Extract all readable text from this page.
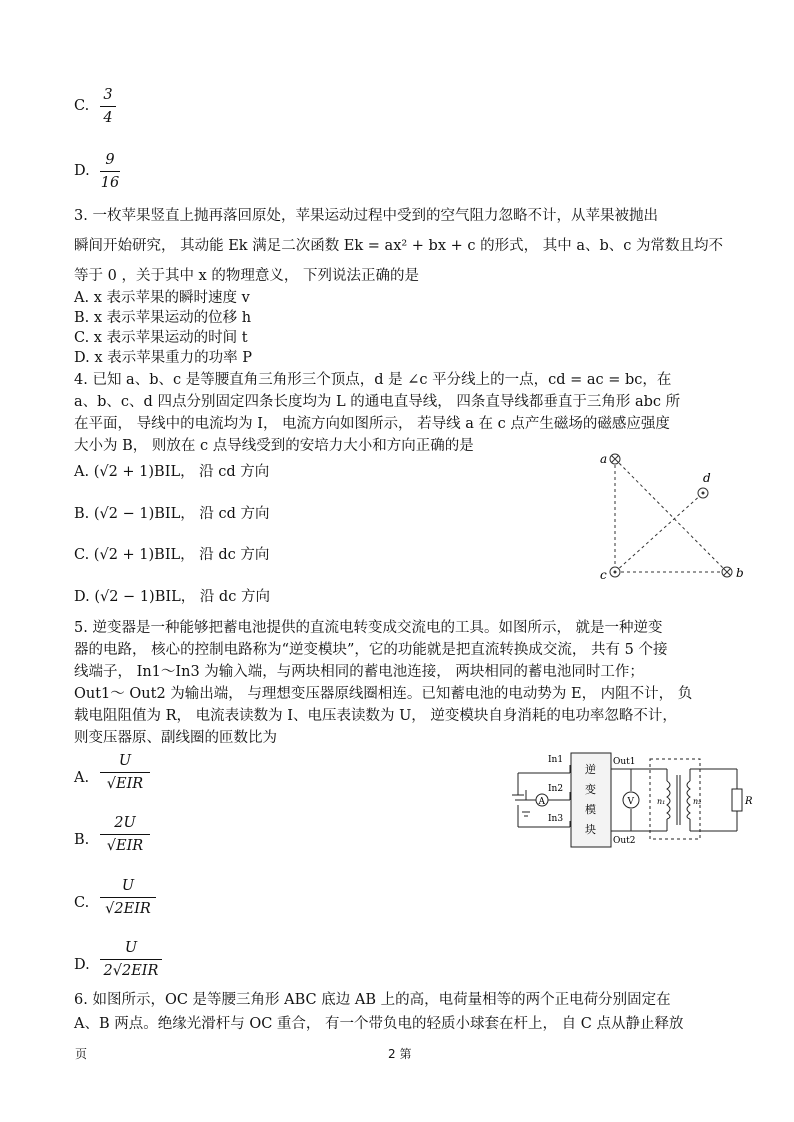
C.
3
4
D.
9
16
3. 一枚苹果竖直上抛再落回原处，苹果运动过程中受到的空气阻力忽略不计，从苹果被抛出
瞬间开始研究， 其动能 Ek 满足二次函数 Ek = ax² + bx + c 的形式， 其中 a、b、c 为常数且均不
等于 0 ，关于其中 x 的物理意义， 下列说法正确的是
A. x 表示苹果的瞬时速度 v
B. x 表示苹果运动的位移 h
C. x 表示苹果运动的时间 t
D. x 表示苹果重力的功率 P
4. 已知 a、b、c 是等腰直角三角形三个顶点，d 是 ∠c 平分线上的一点，cd = ac = bc，在
a、b、c、d 四点分别固定四条长度均为 L 的通电直导线， 四条直导线都垂直于三角形 abc 所
在平面， 导线中的电流均为 I， 电流方向如图所示， 若导线 a 在 c 点产生磁场的磁感应强度
大小为 B， 则放在 c 点导线受到的安培力大小和方向正确的是
A. (√2 + 1)BIL， 沿 cd 方向
B. (√2 − 1)BIL， 沿 cd 方向
C. (√2 + 1)BIL， 沿 dc 方向
D. (√2 − 1)BIL， 沿 dc 方向
a
b
c
d
5. 逆变器是一种能够把蓄电池提供的直流电转变成交流电的工具。如图所示， 就是一种逆变
器的电路， 核心的控制电路称为“逆变模块”，它的功能就是把直流转换成交流， 共有 5 个接
线端子， In1～In3 为输入端，与两块相同的蓄电池连接， 两块相同的蓄电池同时工作；
Out1～ Out2 为输出端， 与理想变压器原线圈相连。已知蓄电池的电动势为 E， 内阻不计， 负
载电阻阻值为 R， 电流表读数为 I、电压表读数为 U， 逆变模块自身消耗的电功率忽略不计，
则变压器原、副线圈的匝数比为
A.
U
√EIR
B.
2U
√EIR
C.
U
√2EIR
D.
U
2√2EIR
A	V
In1
In2
In3
Out1
Out2
逆
变
模
块
n₁	n₂	R
6. 如图所示，OC 是等腰三角形 ABC 底边 AB 上的高，电荷量相等的两个正电荷分别固定在
A、B 两点。绝缘光滑杆与 OC 重合， 有一个带负电的轻质小球套在杆上， 自 C 点从静止释放
页	2 第
